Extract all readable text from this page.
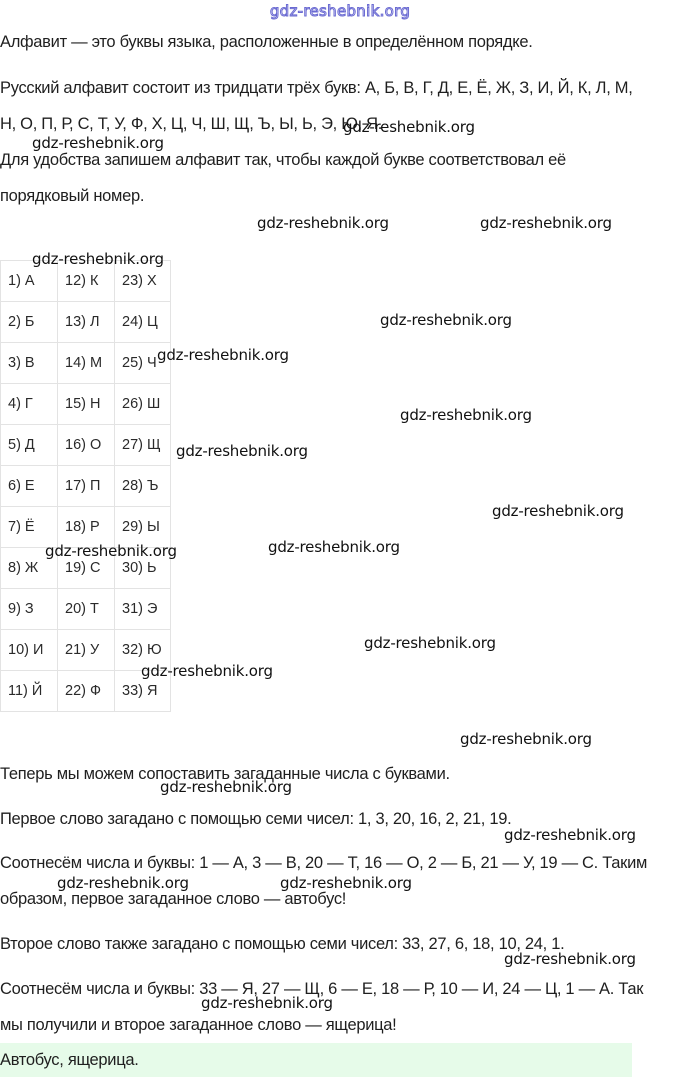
gdz-reshebnik.org

Алфавит — это буквы языка, расположенные в определённом порядке.

Русский алфавит состоит из тридцати трёх букв: А, Б, В, Г, Д, Е, Ё, Ж, З, И, Й, К, Л, М,

Н, О, П, Р, С, Т, У, Ф, Х, Ц, Ч, Ш, Щ, Ъ, Ы, Ь, Э, Ю, Я.

Для удобства запишем алфавит так, чтобы каждой букве соответствовал её

порядковый номер.

1) А	12) К	23) Х
2) Б	13) Л	24) Ц
3) В	14) М	25) Ч
4) Г	15) Н	26) Ш
5) Д	16) О	27) Щ
6) Е	17) П	28) Ъ
7) Ё	18) Р	29) Ы
8) Ж	19) С	30) Ь
9) З	20) Т	31) Э
10) И	21) У	32) Ю
11) Й	22) Ф	33) Я

Теперь мы можем сопоставить загаданные числа с буквами.

Первое слово загадано с помощью семи чисел: 1, 3, 20, 16, 2, 21, 19.

Соотнесём числа и буквы: 1 — А, 3 — В, 20 — Т, 16 — О, 2 — Б, 21 — У, 19 — С. Таким

образом, первое загаданное слово — автобус!

Второе слово также загадано с помощью семи чисел: 33, 27, 6, 18, 10, 24, 1.

Соотнесём числа и буквы: 33 — Я, 27 — Щ, 6 — Е, 18 — Р, 10 — И, 24 — Ц, 1 — А. Так

мы получили и второе загаданное слово — ящерица!

Автобус, ящерица.
gdz-reshebnik.org
gdz-reshebnik.org
gdz-reshebnik.org	gdz-reshebnik.org
gdz-reshebnik.org
gdz-reshebnik.org
gdz-reshebnik.org
gdz-reshebnik.org
gdz-reshebnik.org
gdz-reshebnik.org
gdz-reshebnik.org	gdz-reshebnik.org
gdz-reshebnik.org
gdz-reshebnik.org
gdz-reshebnik.org
gdz-reshebnik.org
gdz-reshebnik.org
gdz-reshebnik.org	gdz-reshebnik.org
gdz-reshebnik.org
gdz-reshebnik.org
